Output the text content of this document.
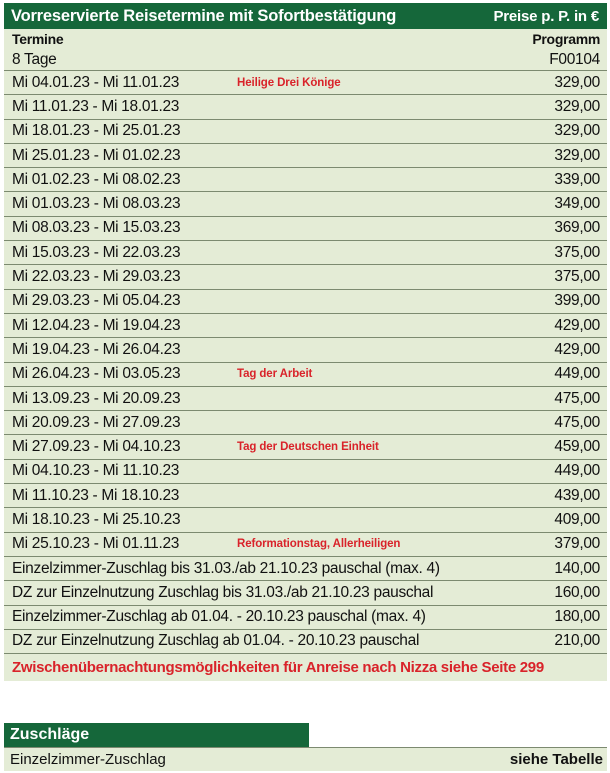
Vorreservierte Reisetermine mit Sofortbestätigung	Preise p. P. in €
Termine	Programm
8 Tage	F00104
Mi 04.01.23 - Mi 11.01.23	Heilige Drei Könige	329,00
Mi 11.01.23 - Mi 18.01.23	329,00
Mi 18.01.23 - Mi 25.01.23	329,00
Mi 25.01.23 - Mi 01.02.23	329,00
Mi 01.02.23 - Mi 08.02.23	339,00
Mi 01.03.23 - Mi 08.03.23	349,00
Mi 08.03.23 - Mi 15.03.23	369,00
Mi 15.03.23 - Mi 22.03.23	375,00
Mi 22.03.23 - Mi 29.03.23	375,00
Mi 29.03.23 - Mi 05.04.23	399,00
Mi 12.04.23 - Mi 19.04.23	429,00
Mi 19.04.23 - Mi 26.04.23	429,00
Mi 26.04.23 - Mi 03.05.23	Tag der Arbeit	449,00
Mi 13.09.23 - Mi 20.09.23	475,00
Mi 20.09.23 - Mi 27.09.23	475,00
Mi 27.09.23 - Mi 04.10.23	Tag der Deutschen Einheit	459,00
Mi 04.10.23 - Mi 11.10.23	449,00
Mi 11.10.23 - Mi 18.10.23	439,00
Mi 18.10.23 - Mi 25.10.23	409,00
Mi 25.10.23 - Mi 01.11.23	Reformationstag, Allerheiligen	379,00
Einzelzimmer-Zuschlag bis 31.03./ab 21.10.23 pauschal (max. 4)	140,00
DZ zur Einzelnutzung Zuschlag bis 31.03./ab 21.10.23 pauschal	160,00
Einzelzimmer-Zuschlag ab 01.04. - 20.10.23 pauschal (max. 4)	180,00
DZ zur Einzelnutzung Zuschlag ab 01.04. - 20.10.23 pauschal	210,00
Zwischenübernachtungsmöglichkeiten für Anreise nach Nizza siehe Seite 299
Zuschläge
Einzelzimmer-Zuschlag	siehe Tabelle
